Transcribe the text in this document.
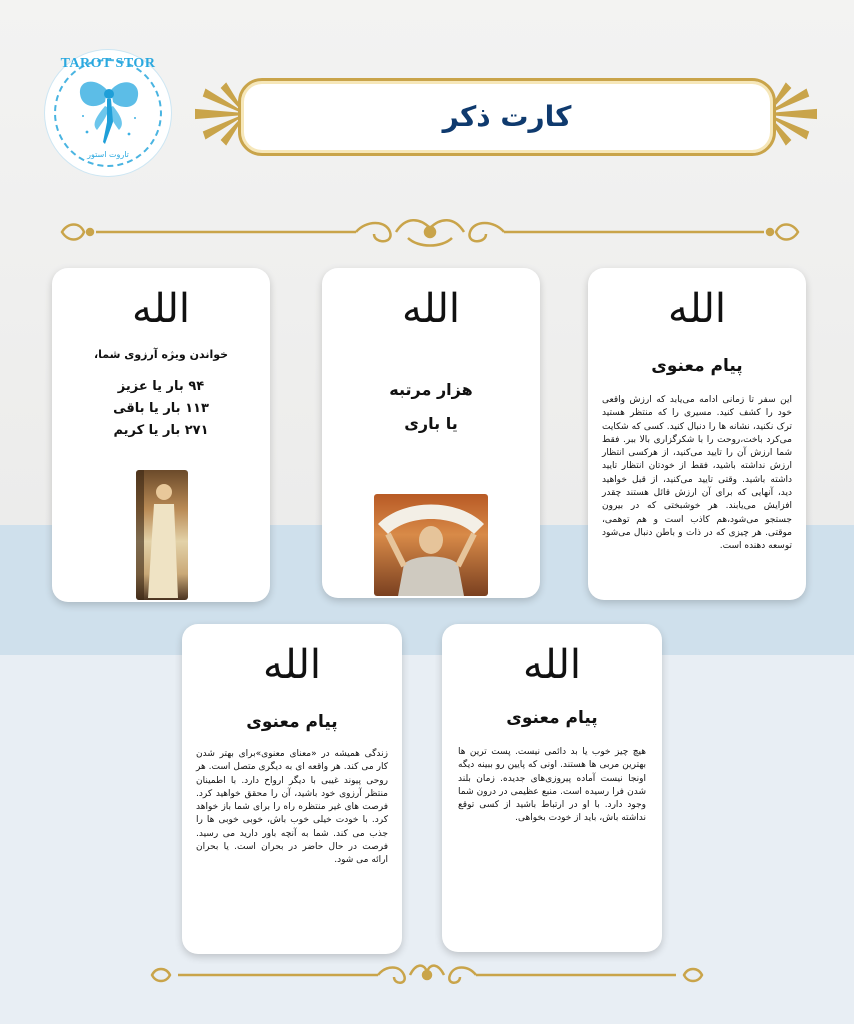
TAROT STOR
تاروت استور
کارت ذکر
الله
خواندن ویژه آرزوی شما،
۹۴ بار یا عزیز
۱۱۳ بار یا باقی
۲۷۱ بار یا کریم
الله
هزار مرتبه
یا باری
الله
پیام معنوی
این سفر تا زمانی ادامه می‌یابد که ارزش واقعی خود را کشف کنید. مسیری را که منتظر هستید ترک نکنید، نشانه ها را دنبال کنید. کسی که شکایت می‌کرد باخت،روحت را با شکرگزاری بالا ببر. فقط شما ارزش آن را تایید می‌کنید، از هرکسی انتظار ارزش نداشته باشید، فقط از خودتان انتظار تایید داشته باشید. وقتی تایید می‌کنید، از قبل خواهید دید، آنهایی که برای آن ارزش قائل هستند چقدر افزایش می‌یابند. هر خوشبختی که در بیرون جستجو می‌شود،هم کاذب است و هم توهمی، موقتی. هر چیزی که در ذات و باطن دنبال می‌شود توسعه دهنده است.
الله
پیام معنوی
هیچ چیز خوب یا بد دائمی نیست. پست ترین ها بهترین مربی ها هستند. اونی که پایین رو ببینه دیگه اونجا نیست آماده پیروزی‌های جدیده. زمان بلند شدن فرا رسیده است. منبع عظیمی در درون شما وجود دارد. با او در ارتباط باشید از کسی توقع نداشته باش، باید از خودت بخواهی.
الله
پیام معنوی
زندگی همیشه در «معنای معنوی»برای بهتر شدن کار می کند. هر واقعه ای به دیگری متصل است. هر روحی پیوند غیبی با دیگر ارواح دارد. با اطمینان منتظر آرزوی خود باشید، آن را محقق خواهید کرد. فرصت های غیر منتظره راه را برای شما باز خواهد کرد. با خودت خیلی خوب باش، خوبی خوبی ها را جذب می کند. شما به آنچه باور دارید می رسید. فرصت در حال حاضر در بحران است. یا بحران ارائه می شود.
